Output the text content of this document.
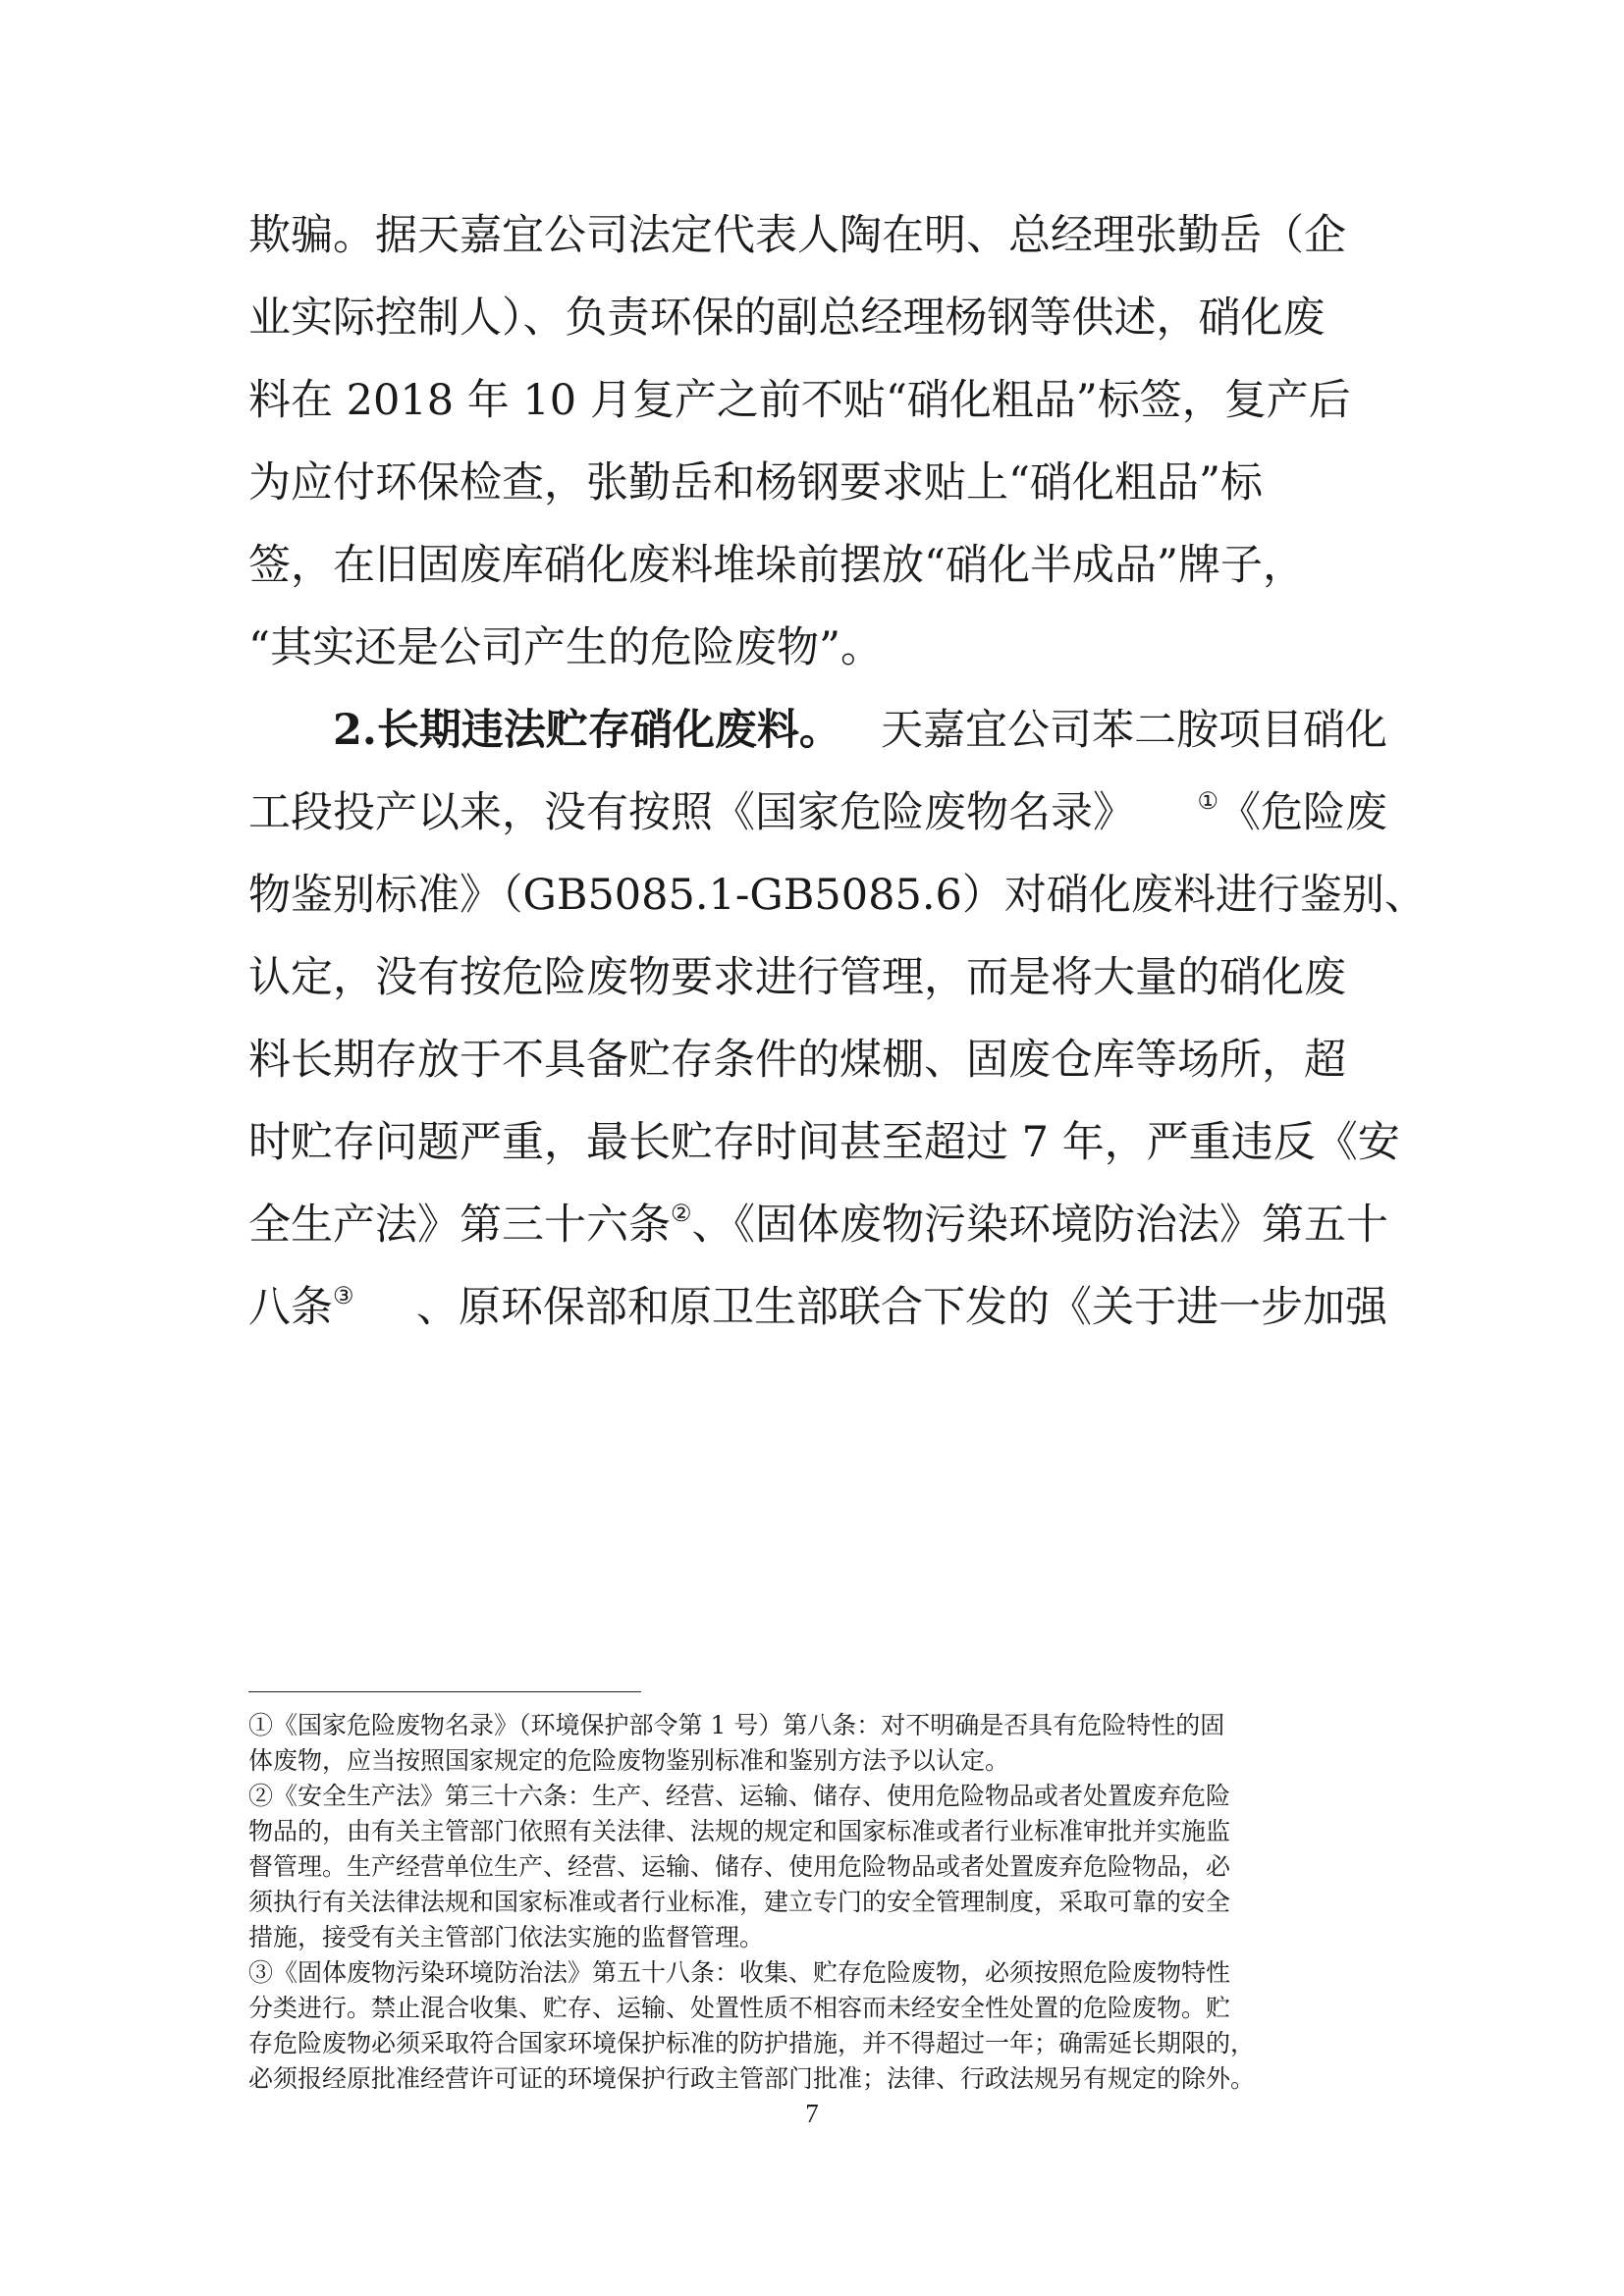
欺骗。据天嘉宜公司法定代表人陶在明、总经理张勤岳（企
业实际控制人）、负责环保的副总经理杨钢等供述，硝化废
料在 2018 年 10 月复产之前不贴“硝化粗品”标签，复产后
为应付环保检查，张勤岳和杨钢要求贴上“硝化粗品”标
签，在旧固废库硝化废料堆垛前摆放“硝化半成品”牌子，
“其实还是公司产生的危险废物”。
2.长期违法贮存硝化废料。 天嘉宜公司苯二胺项目硝化
工段投产以来，没有按照《国家危险废物名录》	①《危险废
物鉴别标准》（GB5085.1-GB5085.6）对硝化废料进行鉴别、
认定，没有按危险废物要求进行管理，而是将大量的硝化废
料长期存放于不具备贮存条件的煤棚、固废仓库等场所，超
时贮存问题严重，最长贮存时间甚至超过 7 年，严重违反《安
全生产法》第三十六条② 、《固体废物污染环境防治法》第五十
八条③ 、原环保部和原卫生部联合下发的《关于进一步加强
①《国家危险废物名录》（环境保护部令第 1 号）第八条：对不明确是否具有危险特性的固
体废物，应当按照国家规定的危险废物鉴别标准和鉴别方法予以认定。
②《安全生产法》第三十六条：生产、经营、运输、储存、使用危险物品或者处置废弃危险
物品的，由有关主管部门依照有关法律、法规的规定和国家标准或者行业标准审批并实施监
督管理。生产经营单位生产、经营、运输、储存、使用危险物品或者处置废弃危险物品，必
须执行有关法律法规和国家标准或者行业标准，建立专门的安全管理制度，采取可靠的安全
措施，接受有关主管部门依法实施的监督管理。
③《固体废物污染环境防治法》第五十八条：收集、贮存危险废物，必须按照危险废物特性
分类进行。禁止混合收集、贮存、运输、处置性质不相容而未经安全性处置的危险废物。贮
存危险废物必须采取符合国家环境保护标准的防护措施，并不得超过一年；确需延长期限的，
必须报经原批准经营许可证的环境保护行政主管部门批准；法律、行政法规另有规定的除外。
7
